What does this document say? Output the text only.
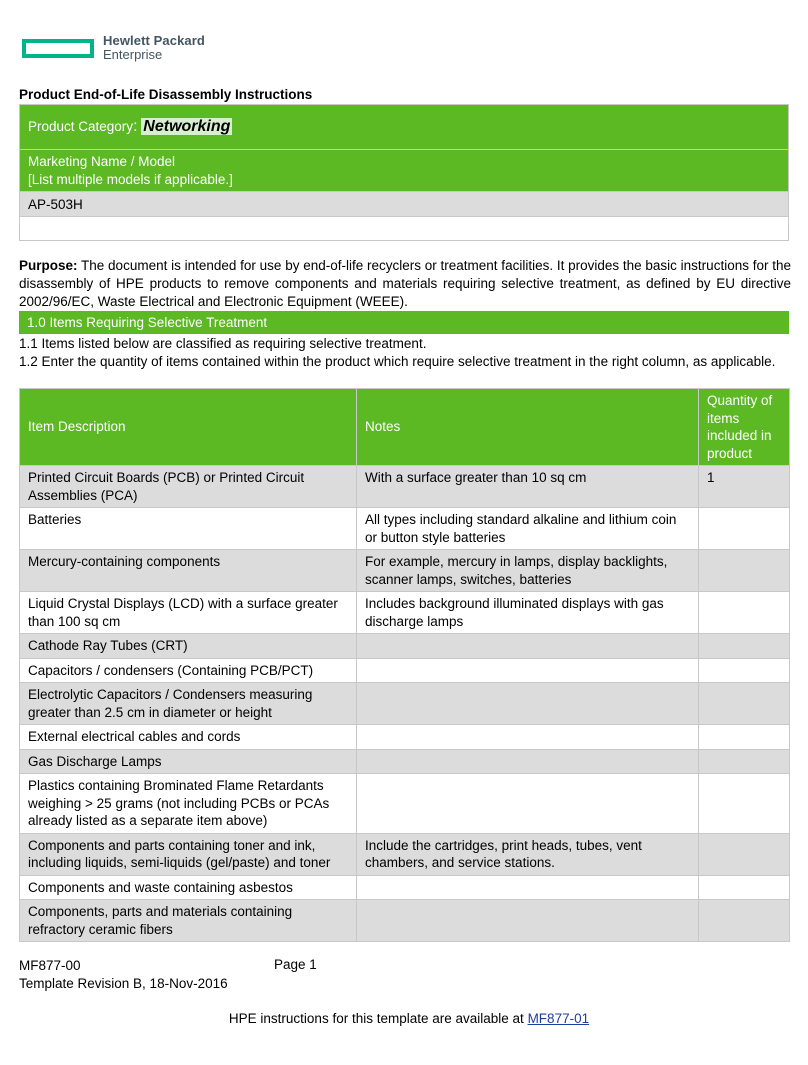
Hewlett Packard
Enterprise
Product End-of-Life Disassembly Instructions
Product Category: Networking

Marketing Name / Model
[List multiple models if applicable.]

AP-503H

Purpose: The document is intended for use by end-of-life recyclers or treatment facilities. It provides the basic instructions for the disassembly of HPE products to remove components and materials requiring selective treatment, as defined by EU directive 2002/96/EC, Waste Electrical and Electronic Equipment (WEEE).
1.0 Items Requiring Selective Treatment
1.1 Items listed below are classified as requiring selective treatment.
1.2 Enter the quantity of items contained within the product which require selective treatment in the right column, as applicable.
Item Description	Notes	Quantity of items included in product
Printed Circuit Boards (PCB) or Printed Circuit Assemblies (PCA)	With a surface greater than 10 sq cm	1
Batteries	All types including standard alkaline and lithium coin or button style batteries	
Mercury-containing components	For example, mercury in lamps, display backlights, scanner lamps, switches, batteries	
Liquid Crystal Displays (LCD) with a surface greater than 100 sq cm	Includes background illuminated displays with gas discharge lamps	
Cathode Ray Tubes (CRT)		
Capacitors / condensers (Containing PCB/PCT)		
Electrolytic Capacitors / Condensers measuring greater than 2.5 cm in diameter or height		
External electrical cables and cords		
Gas Discharge Lamps		
Plastics containing Brominated Flame Retardants weighing > 25 grams (not including PCBs or PCAs already listed as a separate item above)		
Components and parts containing toner and ink, including liquids, semi-liquids (gel/paste) and toner	Include the cartridges, print heads, tubes, vent chambers, and service stations.	
Components and waste containing asbestos		
Components, parts and materials containing refractory ceramic fibers		
MF877-00
Template Revision B, 18-Nov-2016
Page 1
HPE instructions for this template are available at MF877-01
